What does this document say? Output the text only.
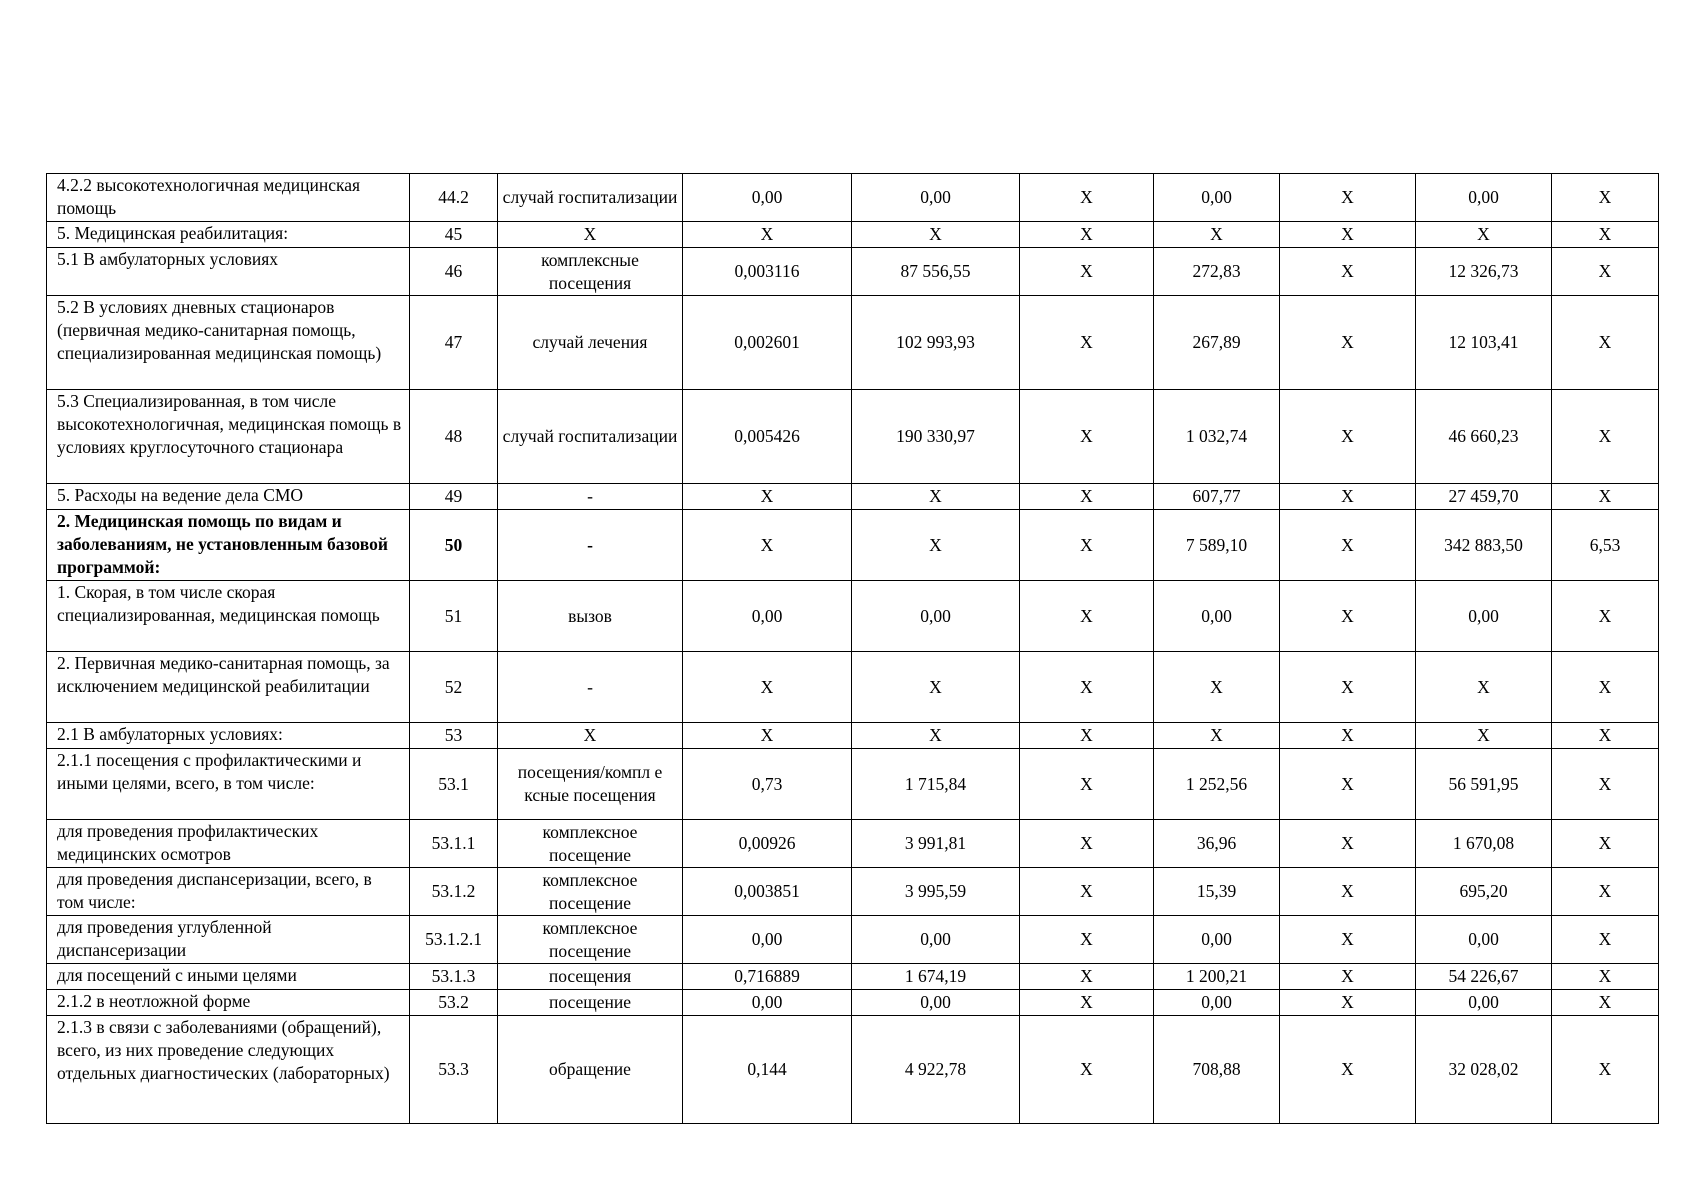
4.2.2 высокотехнологичная медицинская помощь	44.2	случай госпитализации	0,00	0,00	X	0,00	X	0,00	X
5. Медицинская реабилитация:	45	X	X	X	X	X	X	X	X
5.1 В амбулаторных условиях	46	комплексные посещения	0,003116	87 556,55	X	272,83	X	12 326,73	X
5.2 В условиях дневных стационаров (первичная медико-санитарная помощь, специализированная медицинская помощь)	47	случай лечения	0,002601	102 993,93	X	267,89	X	12 103,41	X
5.3 Специализированная, в том числе высокотехнологичная, медицинская помощь в условиях круглосуточного стационара	48	случай госпитализации	0,005426	190 330,97	X	1 032,74	X	46 660,23	X
5. Расходы на ведение дела СМО	49	-	X	X	X	607,77	X	27 459,70	X
2. Медицинская помощь по видам и заболеваниям, не установленным базовой программой:	50	-	X	X	X	7 589,10	X	342 883,50	6,53
1. Скорая, в том числе скорая специализированная, медицинская помощь	51	вызов	0,00	0,00	X	0,00	X	0,00	X
2. Первичная медико-санитарная помощь, за исключением медицинской реабилитации	52	-	X	X	X	X	X	X	X
2.1 В амбулаторных условиях:	53	X	X	X	X	X	X	X	X
2.1.1 посещения с профилактическими и иными целями, всего, в том числе:	53.1	посещения/компл е ксные посещения	0,73	1 715,84	X	1 252,56	X	56 591,95	X
для проведения профилактических медицинских осмотров	53.1.1	комплексное посещение	0,00926	3 991,81	X	36,96	X	1 670,08	X
для проведения диспансеризации, всего, в том числе:	53.1.2	комплексное посещение	0,003851	3 995,59	X	15,39	X	695,20	X
для проведения углубленной диспансеризации	53.1.2.1	комплексное посещение	0,00	0,00	X	0,00	X	0,00	X
для посещений с иными целями	53.1.3	посещения	0,716889	1 674,19	X	1 200,21	X	54 226,67	X
2.1.2 в неотложной форме	53.2	посещение	0,00	0,00	X	0,00	X	0,00	X
2.1.3 в связи с заболеваниями (обращений), всего, из них проведение следующих отдельных диагностических (лабораторных)	53.3	обращение	0,144	4 922,78	X	708,88	X	32 028,02	X
